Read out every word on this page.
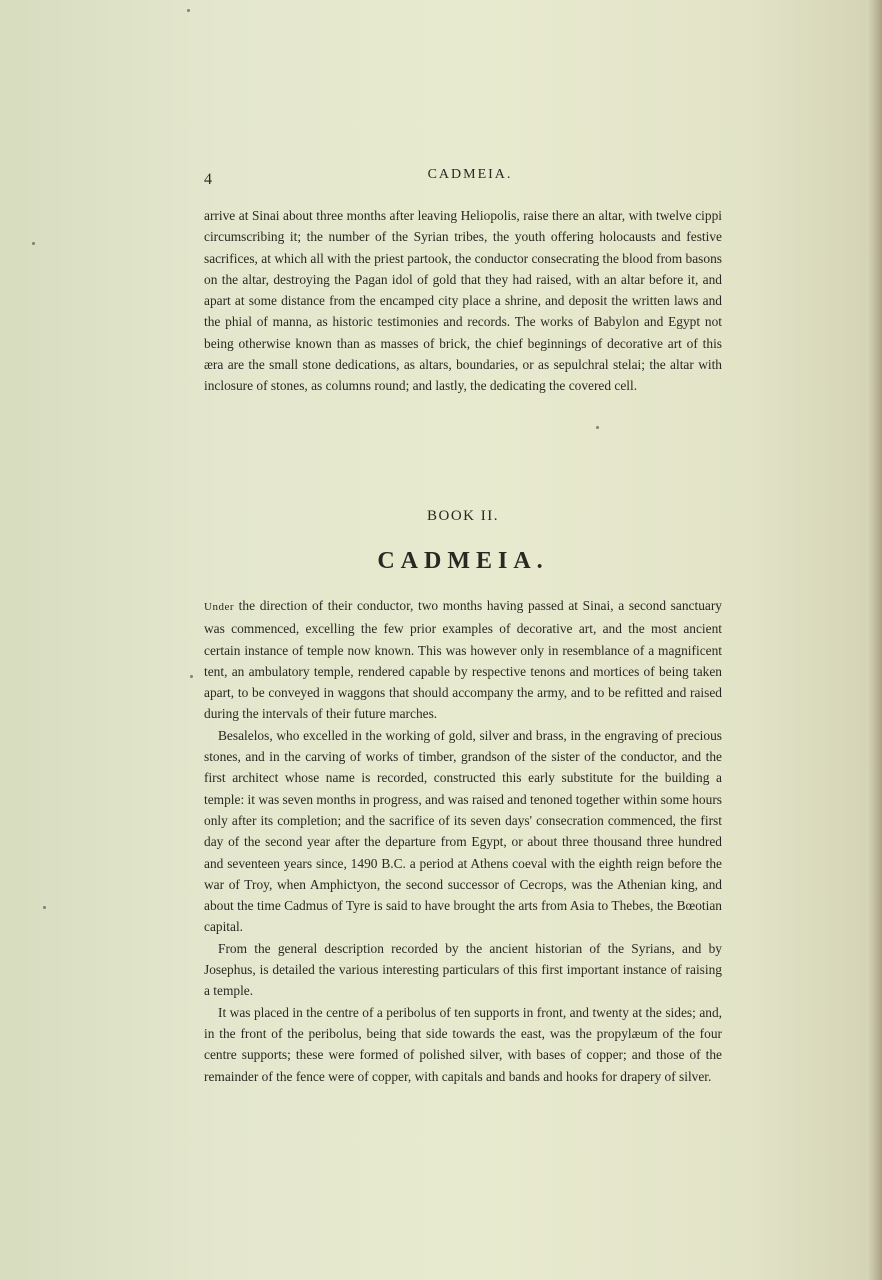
4	CADMEIA.

arrive at Sinai about three months after leaving Heliopolis, raise there an altar, with twelve cippi circumscribing it; the number of the Syrian tribes, the youth offering holocausts and festive sacrifices, at which all with the priest partook, the conductor consecrating the blood from basons on the altar, destroying the Pagan idol of gold that they had raised, with an altar before it, and apart at some distance from the encamped city place a shrine, and deposit the written laws and the phial of manna, as historic testimonies and records. The works of Babylon and Egypt not being otherwise known than as masses of brick, the chief beginnings of decorative art of this æra are the small stone dedications, as altars, boundaries, or as sepulchral stelai; the altar with inclosure of stones, as columns round; and lastly, the dedicating the covered cell.

BOOK II.
CADMEIA.

Under the direction of their conductor, two months having passed at Sinai, a second sanctuary was commenced, excelling the few prior examples of decorative art, and the most ancient certain instance of temple now known. This was however only in resemblance of a magnificent tent, an ambulatory temple, rendered capable by respective tenons and mortices of being taken apart, to be conveyed in waggons that should accompany the army, and to be refitted and raised during the intervals of their future marches.

Besalelos, who excelled in the working of gold, silver and brass, in the engraving of precious stones, and in the carving of works of timber, grandson of the sister of the conductor, and the first architect whose name is recorded, constructed this early substitute for the building a temple: it was seven months in progress, and was raised and tenoned together within some hours only after its completion; and the sacrifice of its seven days' consecration commenced, the first day of the second year after the departure from Egypt, or about three thousand three hundred and seventeen years since, 1490 B.C. a period at Athens coeval with the eighth reign before the war of Troy, when Amphictyon, the second successor of Cecrops, was the Athenian king, and about the time Cadmus of Tyre is said to have brought the arts from Asia to Thebes, the Bœotian capital.

From the general description recorded by the ancient historian of the Syrians, and by Josephus, is detailed the various interesting particulars of this first important instance of raising a temple.

It was placed in the centre of a peribolus of ten supports in front, and twenty at the sides; and, in the front of the peribolus, being that side towards the east, was the propylæum of the four centre supports; these were formed of polished silver, with bases of copper; and those of the remainder of the fence were of copper, with capitals and bands and hooks for drapery of silver.
